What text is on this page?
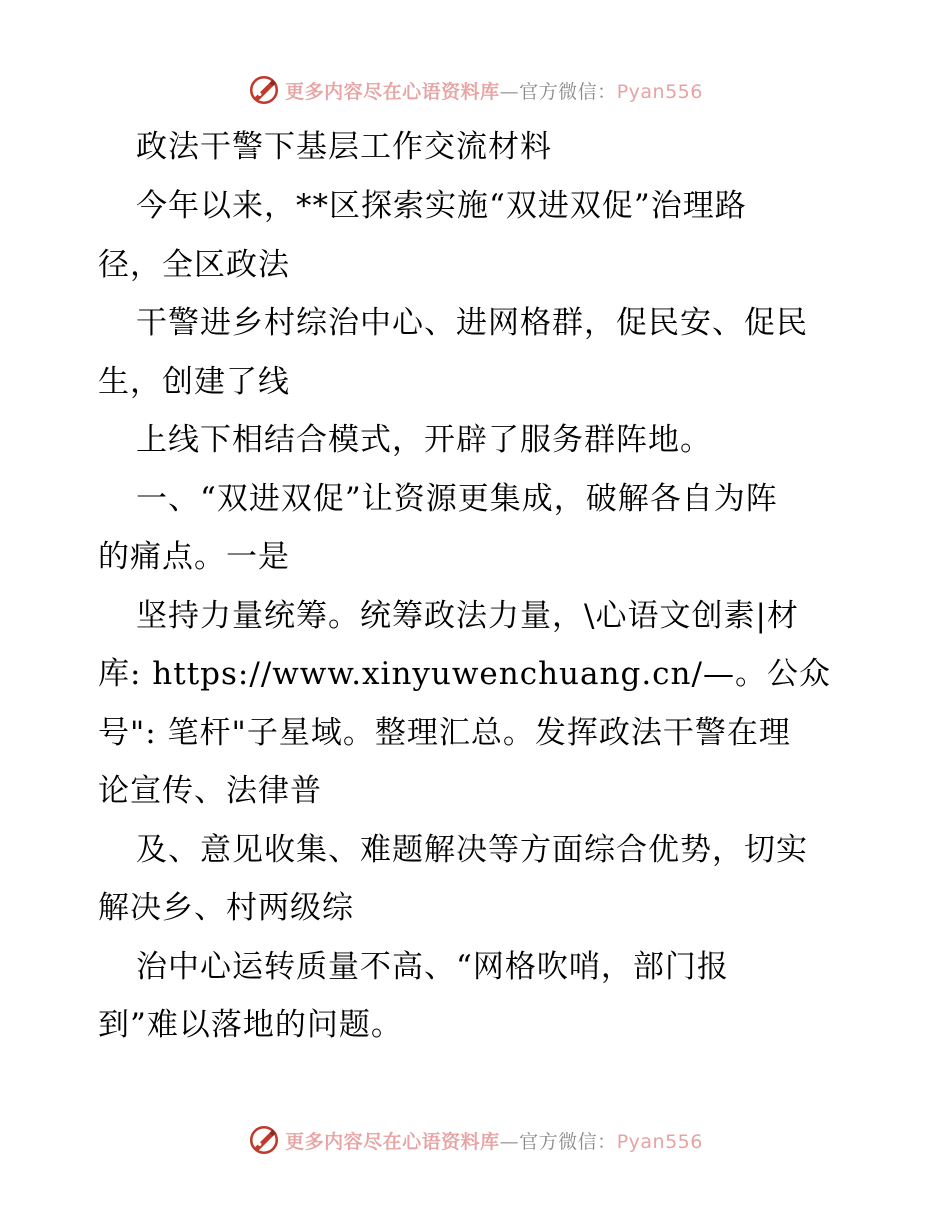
更多内容尽在心语资料库—官方微信：Pyan556
政法干警下基层工作交流材料
今年以来，**区探索实施“双进双促”治理路
径，全区政法
干警进乡村综治中心、进网格群，促民安、促民
生，创建了线
上线下相结合模式，开辟了服务群阵地。
一、“双进双促”让资源更集成，破解各自为阵
的痛点。一是
坚持力量统筹。统筹政法力量，\心语文创素|材
库: https://www.xinyuwenchuang.cn/—。公众
号": 笔杆"子星域。整理汇总。发挥政法干警在理
论宣传、法律普
及、意见收集、难题解决等方面综合优势，切实
解决乡、村两级综
治中心运转质量不高、“网格吹哨，部门报
到”难以落地的问题。
更多内容尽在心语资料库—官方微信：Pyan556
